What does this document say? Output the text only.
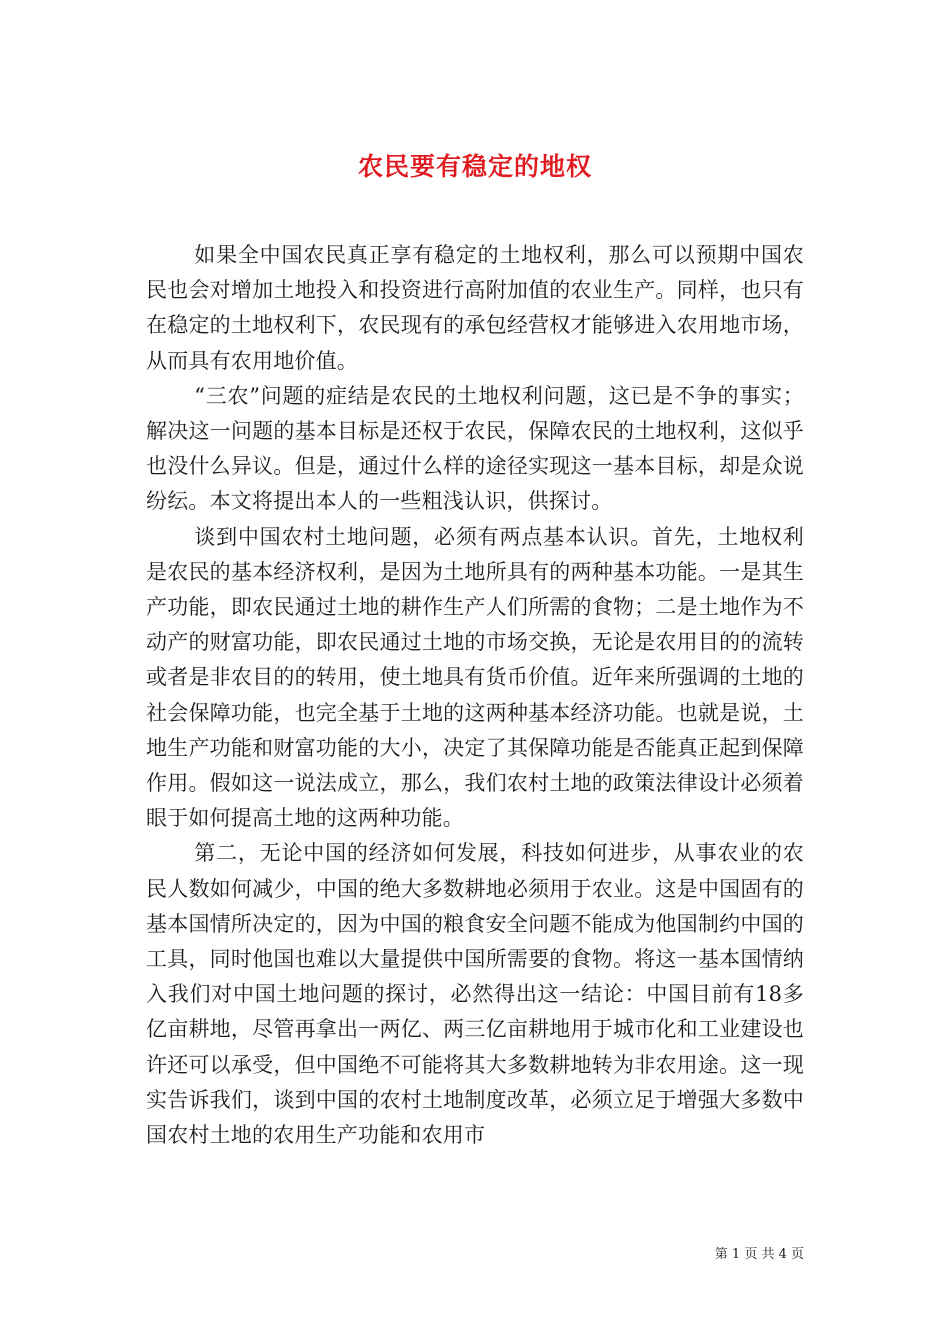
农民要有稳定的地权

如果全中国农民真正享有稳定的土地权利，那么可以预期中国农民也会对增加土地投入和投资进行高附加值的农业生产。同样，也只有在稳定的土地权利下，农民现有的承包经营权才能够进入农用地市场，从而具有农用地价值。

“三农”问题的症结是农民的土地权利问题，这已是不争的事实；解决这一问题的基本目标是还权于农民，保障农民的土地权利，这似乎也没什么异议。但是，通过什么样的途径实现这一基本目标，却是众说纷纭。本文将提出本人的一些粗浅认识，供探讨。

谈到中国农村土地问题，必须有两点基本认识。首先，土地权利是农民的基本经济权利，是因为土地所具有的两种基本功能。一是其生产功能，即农民通过土地的耕作生产人们所需的食物；二是土地作为不动产的财富功能，即农民通过土地的市场交换，无论是农用目的的流转或者是非农目的的转用，使土地具有货币价值。近年来所强调的土地的社会保障功能，也完全基于土地的这两种基本经济功能。也就是说，土地生产功能和财富功能的大小，决定了其保障功能是否能真正起到保障作用。假如这一说法成立，那么，我们农村土地的政策法律设计必须着眼于如何提高土地的这两种功能。

第二，无论中国的经济如何发展，科技如何进步，从事农业的农民人数如何减少，中国的绝大多数耕地必须用于农业。这是中国固有的基本国情所决定的，因为中国的粮食安全问题不能成为他国制约中国的工具，同时他国也难以大量提供中国所需要的食物。将这一基本国情纳入我们对中国土地问题的探讨，必然得出这一结论：中国目前有18多亿亩耕地，尽管再拿出一两亿、两三亿亩耕地用于城市化和工业建设也许还可以承受，但中国绝不可能将其大多数耕地转为非农用途。这一现实告诉我们，谈到中国的农村土地制度改革，必须立足于增强大多数中国农村土地的农用生产功能和农用市

第 1 页 共 4 页
